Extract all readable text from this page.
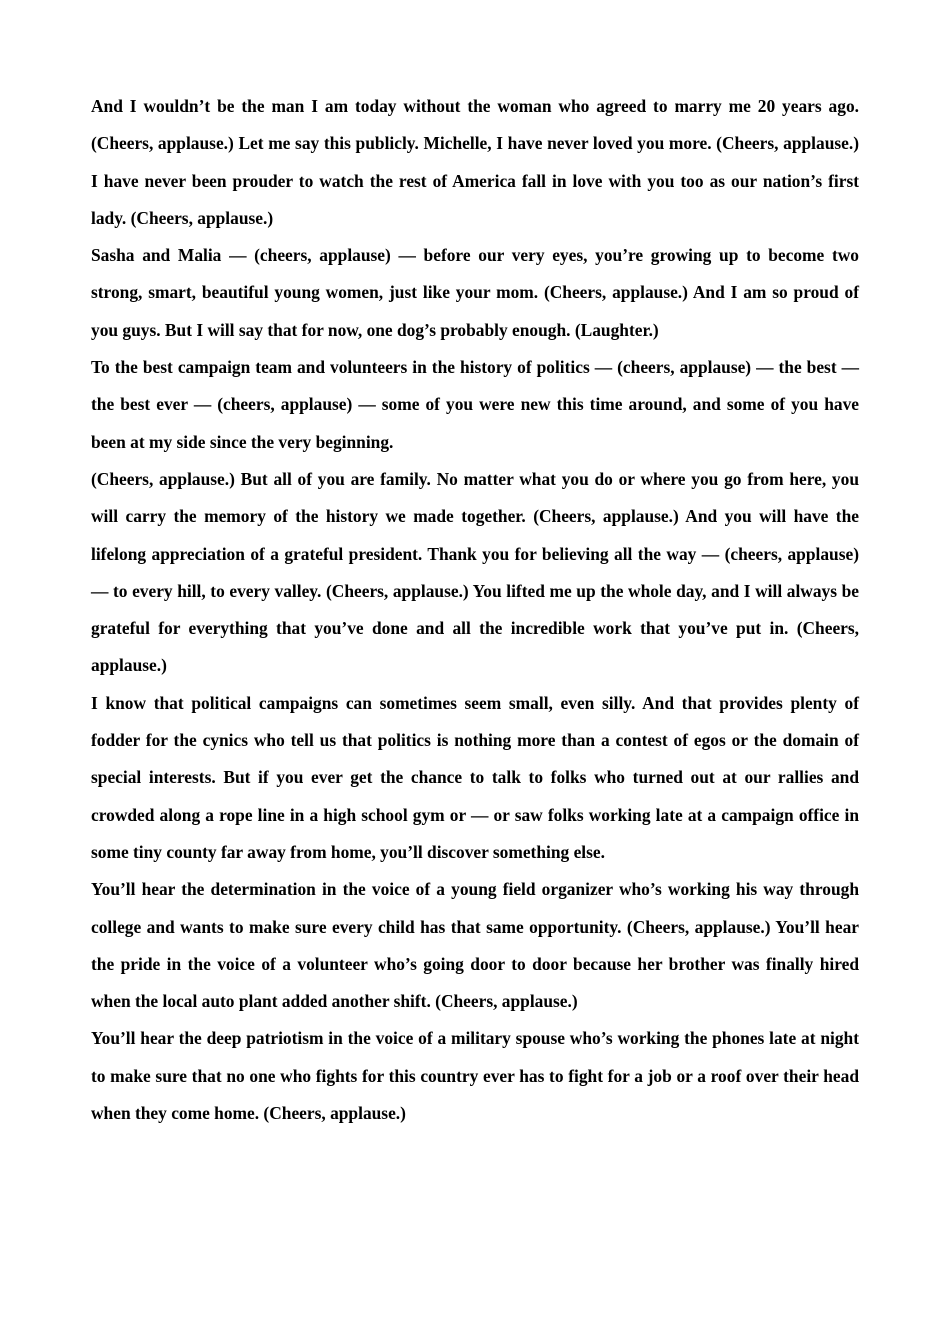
And I wouldn’t be the man I am today without the woman who agreed to marry me 20 years ago. (Cheers, applause.) Let me say this publicly. Michelle, I have never loved you more. (Cheers, applause.) I have never been prouder to watch the rest of America fall in love with you too as our nation’s first lady. (Cheers, applause.)

Sasha and Malia — (cheers, applause) — before our very eyes, you’re growing up to become two strong, smart, beautiful young women, just like your mom. (Cheers, applause.) And I am so proud of you guys. But I will say that for now, one dog’s probably enough. (Laughter.)

To the best campaign team and volunteers in the history of politics — (cheers, applause) — the best — the best ever — (cheers, applause) — some of you were new this time around, and some of you have been at my side since the very beginning.

(Cheers, applause.) But all of you are family. No matter what you do or where you go from here, you will carry the memory of the history we made together. (Cheers, applause.) And you will have the lifelong appreciation of a grateful president. Thank you for believing all the way — (cheers, applause) — to every hill, to every valley. (Cheers, applause.) You lifted me up the whole day, and I will always be grateful for everything that you’ve done and all the incredible work that you’ve put in. (Cheers, applause.)

I know that political campaigns can sometimes seem small, even silly. And that provides plenty of fodder for the cynics who tell us that politics is nothing more than a contest of egos or the domain of special interests. But if you ever get the chance to talk to folks who turned out at our rallies and crowded along a rope line in a high school gym or — or saw folks working late at a campaign office in some tiny county far away from home, you’ll discover something else.

You’ll hear the determination in the voice of a young field organizer who’s working his way through college and wants to make sure every child has that same opportunity. (Cheers, applause.) You’ll hear the pride in the voice of a volunteer who’s going door to door because her brother was finally hired when the local auto plant added another shift. (Cheers, applause.)

You’ll hear the deep patriotism in the voice of a military spouse who’s working the phones late at night to make sure that no one who fights for this country ever has to fight for a job or a roof over their head when they come home. (Cheers, applause.)
